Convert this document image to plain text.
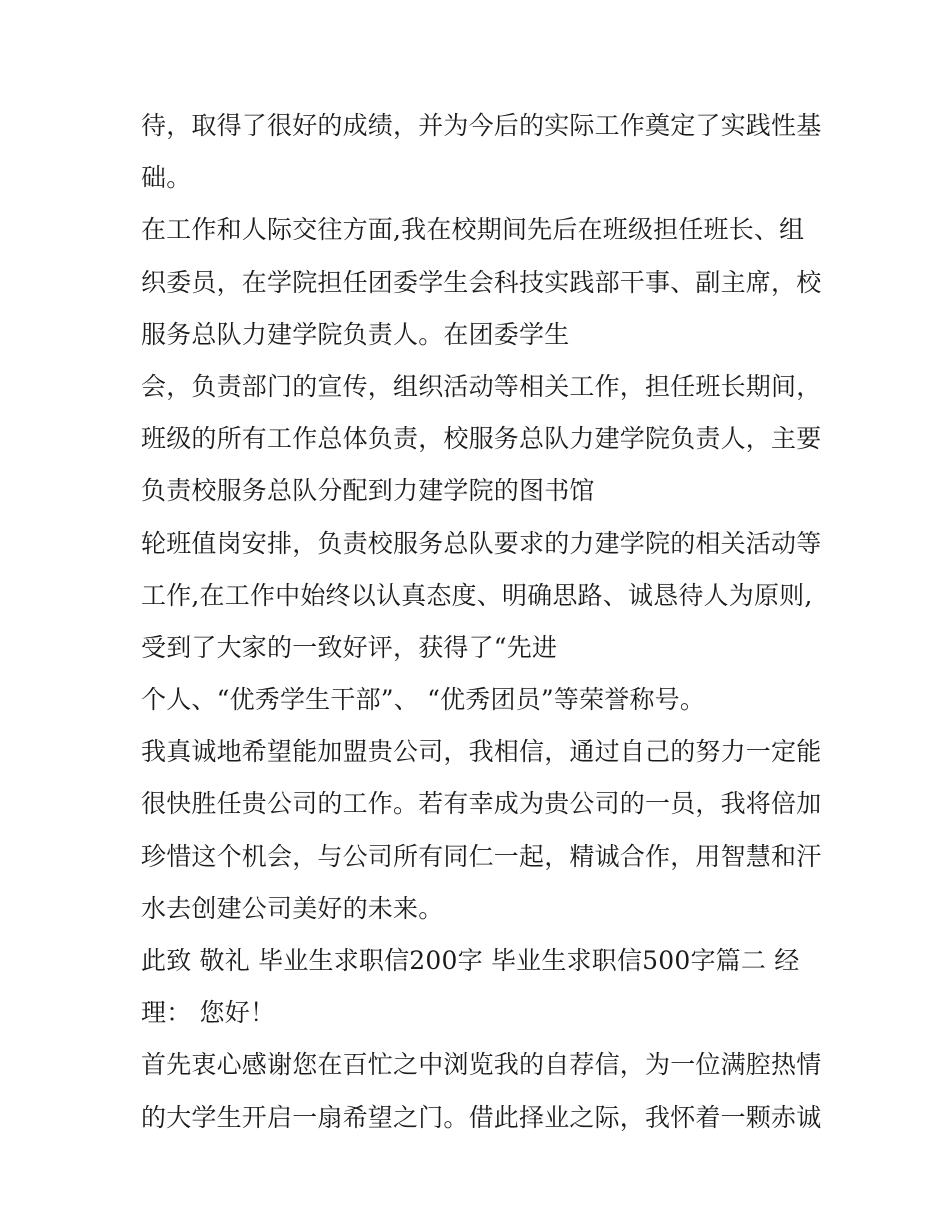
待，取得了很好的成绩，并为今后的实际工作奠定了实践性基
础。
在工作和人际交往方面,我在校期间先后在班级担任班长、组
织委员，在学院担任团委学生会科技实践部干事、副主席，校
服务总队力建学院负责人。在团委学生
会，负责部门的宣传，组织活动等相关工作，担任班长期间，
班级的所有工作总体负责，校服务总队力建学院负责人，主要
负责校服务总队分配到力建学院的图书馆
轮班值岗安排，负责校服务总队要求的力建学院的相关活动等
工作,在工作中始终以认真态度、明确思路、诚恳待人为原则,
受到了大家的一致好评，获得了“先进
个人、“优秀学生干部”、 “优秀团员”等荣誉称号。
我真诚地希望能加盟贵公司，我相信，通过自己的努力一定能
很快胜任贵公司的工作。若有幸成为贵公司的一员，我将倍加
珍惜这个机会，与公司所有同仁一起，精诚合作，用智慧和汗
水去创建公司美好的未来。
此致 敬礼 毕业生求职信200字 毕业生求职信500字篇二 经
理： 您好！
首先衷心感谢您在百忙之中浏览我的自荐信，为一位满腔热情
的大学生开启一扇希望之门。借此择业之际，我怀着一颗赤诚
